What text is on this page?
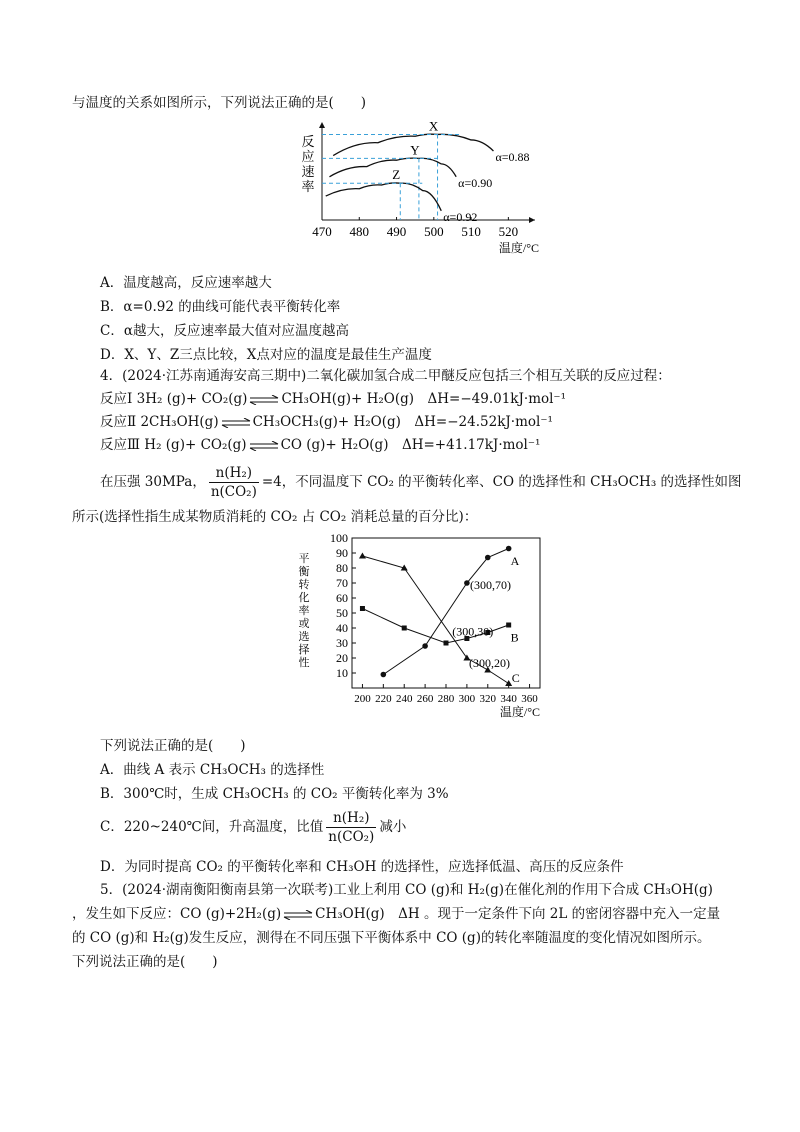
与温度的关系如图所示，下列说法正确的是(　　)
反
应
速
率
470 480 490 500 510 520
温度/°C
X
α=0.88
Y
α=0.90
Z
α=0.92
A．温度越高，反应速率越大
B．α=0.92 的曲线可能代表平衡转化率
C．α越大，反应速率最大值对应温度越高
D．X、Y、Z三点比较，X点对应的温度是最佳生产温度
4．(2024·江苏南通海安高三期中)二氧化碳加氢合成二甲醚反应包括三个相互关联的反应过程：
反应Ⅰ 3H₂ (g)+ CO₂(g) ⇌ CH₃OH(g)+ H₂O(g)　ΔH=−49.01kJ·mol⁻¹
反应Ⅱ 2CH₃OH(g) ⇌ CH₃OCH₃(g)+ H₂O(g)　ΔH=−24.52kJ·mol⁻¹
反应Ⅲ H₂ (g)+ CO₂(g) ⇌ CO (g)+ H₂O(g)　ΔH=+41.17kJ·mol⁻¹
在压强 30MPa， $\frac{\text{n(H₂)}}{\text{n(CO₂)}} =4$，不同温度下 CO₂ 的平衡转化率、CO 的选择性和 CH₃OCH₃ 的选择性如图
所示(选择性指生成某物质消耗的 CO₂ 占 CO₂ 消耗总量的百分比)：
10
20
30
40
50
60
70
80
90
100
200 220 240 260 280 300 320 340 360
温度/°C
平
衡
转
化
率
或
选
择
性
A
B
C
(300,70)
(300,30)
(300,20)
下列说法正确的是(　　)
A．曲线 A 表示 CH₃OCH₃ 的选择性
B．300℃时，生成 CH₃OCH₃ 的 CO₂ 平衡转化率为 3%
C．220~240℃间，升高温度，比值 $\frac{\text{n(H₂)}}{\text{n(CO₂)}}$ 减小
D．为同时提高 CO₂ 的平衡转化率和 CH₃OH 的选择性，应选择低温、高压的反应条件
5．(2024·湖南衡阳衡南县第一次联考)工业上利用 CO (g)和 H₂(g)在催化剂的作用下合成 CH₃OH(g)
，发生如下反应：CO (g)+2H₂(g) ⇌ CH₃OH(g)　ΔH 。现于一定条件下向 2L 的密闭容器中充入一定量
的 CO (g)和 H₂(g)发生反应，测得在不同压强下平衡体系中 CO (g)的转化率随温度的变化情况如图所示。
下列说法正确的是(　　)
